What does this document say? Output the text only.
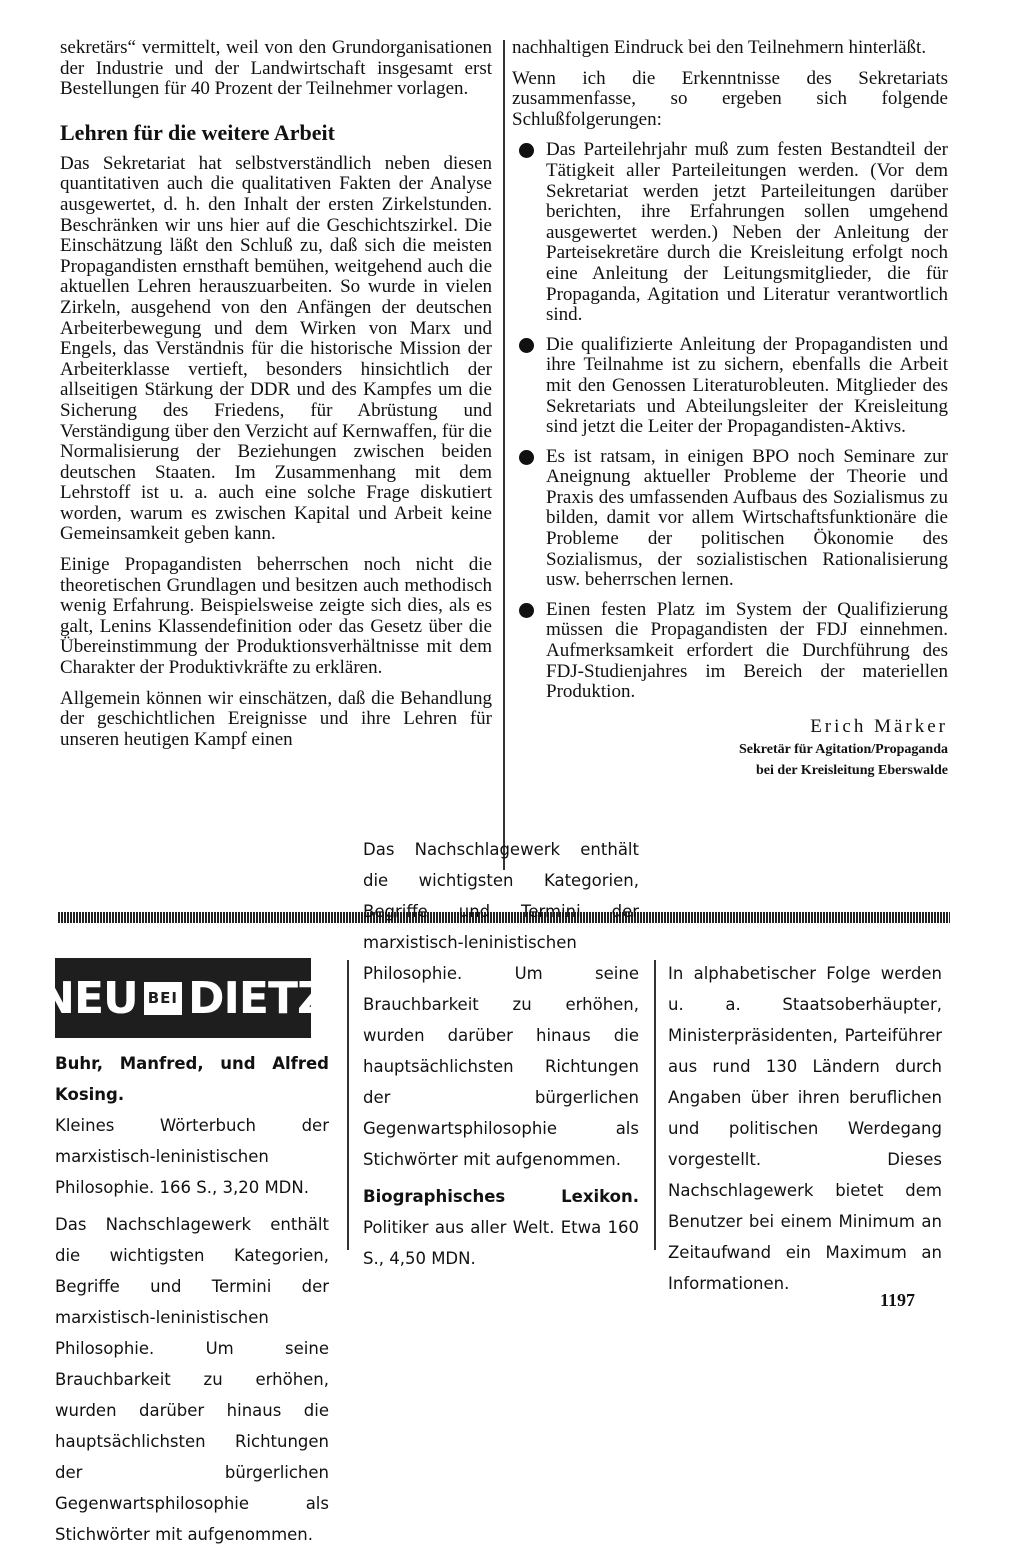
sekretärs“ vermittelt, weil von den Grundorganisationen der Industrie und der Landwirtschaft insgesamt erst Bestellungen für 40 Prozent der Teilnehmer vorlagen.

Lehren für die weitere Arbeit

Das Sekretariat hat selbstverständlich neben diesen quantitativen auch die qualitativen Fakten der Analyse ausgewertet, d. h. den Inhalt der ersten Zirkelstunden. Beschränken wir uns hier auf die Geschichtszirkel. Die Einschätzung läßt den Schluß zu, daß sich die meisten Propagandisten ernsthaft bemühen, weitgehend auch die aktuellen Lehren herauszuarbeiten. So wurde in vielen Zirkeln, ausgehend von den Anfängen der deutschen Arbeiterbewegung und dem Wirken von Marx und Engels, das Verständnis für die historische Mission der Arbeiterklasse vertieft, besonders hinsichtlich der allseitigen Stärkung der DDR und des Kampfes um die Sicherung des Friedens, für Abrüstung und Verständigung über den Verzicht auf Kernwaffen, für die Normalisierung der Beziehungen zwischen beiden deutschen Staaten. Im Zusammenhang mit dem Lehrstoff ist u. a. auch eine solche Frage diskutiert worden, warum es zwischen Kapital und Arbeit keine Gemeinsamkeit geben kann.

Einige Propagandisten beherrschen noch nicht die theoretischen Grundlagen und besitzen auch methodisch wenig Erfahrung. Beispielsweise zeigte sich dies, als es galt, Lenins Klassendefinition oder das Gesetz über die Übereinstimmung der Produktionsverhältnisse mit dem Charakter der Produktivkräfte zu erklären.

Allgemein können wir einschätzen, daß die Behandlung der geschichtlichen Ereignisse und ihre Lehren für unseren heutigen Kampf einen

nachhaltigen Eindruck bei den Teilnehmern hinterläßt.

Wenn ich die Erkenntnisse des Sekretariats zusammenfasse, so ergeben sich folgende Schlußfolgerungen:

Das Parteilehrjahr muß zum festen Bestandteil der Tätigkeit aller Parteileitungen werden. (Vor dem Sekretariat werden jetzt Parteileitungen darüber berichten, ihre Erfahrungen sollen umgehend ausgewertet werden.) Neben der Anleitung der Parteisekretäre durch die Kreisleitung erfolgt noch eine Anleitung der Leitungsmitglieder, die für Propaganda, Agitation und Literatur verantwortlich sind.

Die qualifizierte Anleitung der Propagandisten und ihre Teilnahme ist zu sichern, ebenfalls die Arbeit mit den Genossen Literaturobleuten. Mitglieder des Sekretariats und Abteilungsleiter der Kreisleitung sind jetzt die Leiter der Propagandisten-Aktivs.

Es ist ratsam, in einigen BPO noch Seminare zur Aneignung aktueller Probleme der Theorie und Praxis des umfassenden Aufbaus des Sozialismus zu bilden, damit vor allem Wirtschaftsfunktionäre die Probleme der politischen Ökonomie des Sozialismus, der sozialistischen Rationalisierung usw. beherrschen lernen.

Einen festen Platz im System der Qualifizierung müssen die Propagandisten der FDJ einnehmen. Aufmerksamkeit erfordert die Durchführung des FDJ-Studienjahres im Bereich der materiellen Produktion.

Erich Märker

Sekretär für Agitation/Propaganda

bei der Kreisleitung Eberswalde

NEU BEI DIETZ

Buhr, Manfred, und Alfred Kosing.

Kleines Wörterbuch der marxistisch-leninistischen Philosophie. 166 S., 3,20 MDN.

Das Nachschlagewerk enthält die wichtigsten Kategorien, Begriffe und Termini der marxistisch-leninistischen Philosophie. Um seine Brauchbarkeit zu erhöhen, wurden darüber hinaus die hauptsächlichsten Richtungen der bürgerlichen Gegenwartsphilosophie als Stichwörter mit aufgenommen.

Das Nachschlagewerk enthält die wichtigsten Kategorien, Begriffe und Termini der marxistisch-leninistischen Philosophie. Um seine Brauchbarkeit zu erhöhen, wurden darüber hinaus die hauptsächlichsten Richtungen der bürgerlichen Gegenwartsphilosophie als Stichwörter mit aufgenommen.

Biographisches Lexikon. Politiker aus aller Welt. Etwa 160 S., 4,50 MDN.

In alphabetischer Folge werden u. a. Staatsoberhäupter, Ministerpräsidenten, Parteiführer aus rund 130 Ländern durch Angaben über ihren beruflichen und politischen Werdegang vorgestellt. Dieses Nachschlagewerk bietet dem Benutzer bei einem Minimum an Zeitaufwand ein Maximum an Informationen.

1197
